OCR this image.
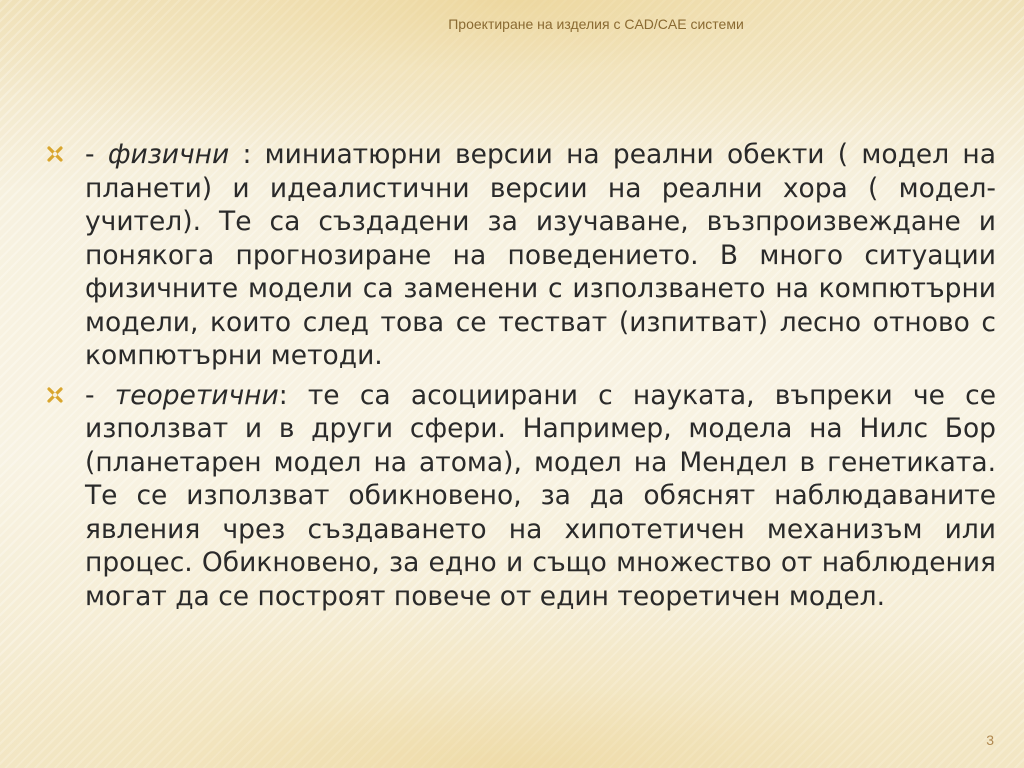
Проектиране на изделия с CAD/CAE системи
- физични : миниатюрни версии на реални обекти ( модел на планети) и идеалистични версии на реални хора ( модел-учител). Те са създадени за изучаване, възпроизвеждане и понякога прогнозиране на поведението. В много ситуации физичните модели са заменени с използването на компютърни модели, които след това се тестват (изпитват) лесно отново с компютърни методи.
- теоретични: те са асоциирани с науката, въпреки че се използват и в други сфери. Например, модела на Нилс Бор (планетарен модел на атома), модел на Мендел в генетиката. Те се използват обикновено, за да обяснят наблюдаваните явления чрез създаването на хипотетичен механизъм или процес. Обикновено, за едно и също множество от наблюдения могат да се построят повече от един теоретичен модел.
3
